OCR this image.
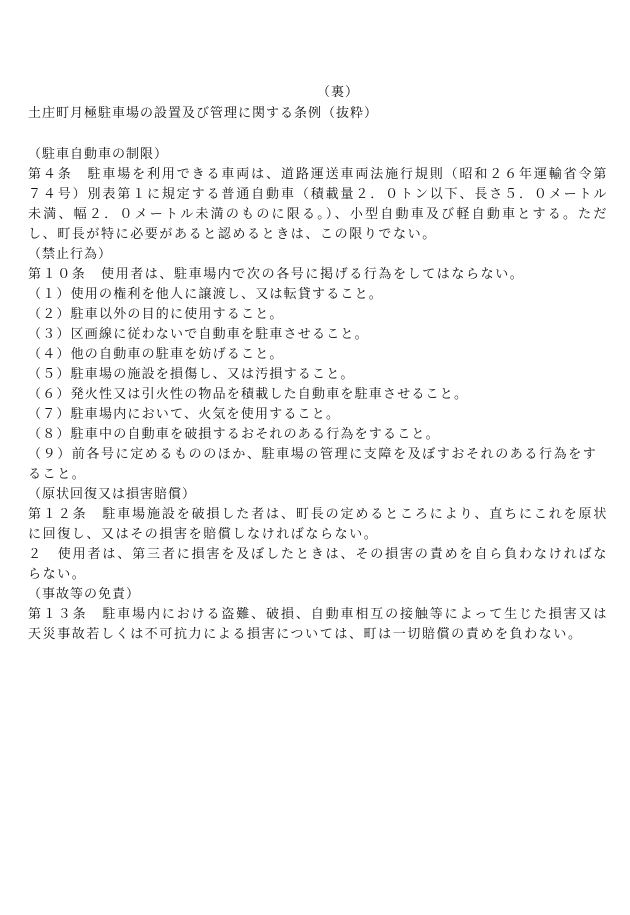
（裏）
土庄町月極駐車場の設置及び管理に関する条例（抜粋）
（駐車自動車の制限）
第４条　駐車場を利用できる車両は、道路運送車両法施行規則（昭和２６年運輸省令第７４号）別表第１に規定する普通自動車（積載量２．０トン以下、長さ５．０メートル未満、幅２．０メートル未満のものに限る。）、小型自動車及び軽自動車とする。ただし、町長が特に必要があると認めるときは、この限りでない。
（禁止行為）
第１０条　使用者は、駐車場内で次の各号に掲げる行為をしてはならない。
（１）使用の権利を他人に譲渡し、又は転貸すること。
（２）駐車以外の目的に使用すること。
（３）区画線に従わないで自動車を駐車させること。
（４）他の自動車の駐車を妨げること。
（５）駐車場の施設を損傷し、又は汚損すること。
（６）発火性又は引火性の物品を積載した自動車を駐車させること。
（７）駐車場内において、火気を使用すること。
（８）駐車中の自動車を破損するおそれのある行為をすること。
（９）前各号に定めるもののほか、駐車場の管理に支障を及ぼすおそれのある行為をすること。
（原状回復又は損害賠償）
第１２条　駐車場施設を破損した者は、町長の定めるところにより、直ちにこれを原状に回復し、又はその損害を賠償しなければならない。
２　使用者は、第三者に損害を及ぼしたときは、その損害の責めを自ら負わなければならない。
（事故等の免責）
第１３条　駐車場内における盗難、破損、自動車相互の接触等によって生じた損害又は天災事故若しくは不可抗力による損害については、町は一切賠償の責めを負わない。
